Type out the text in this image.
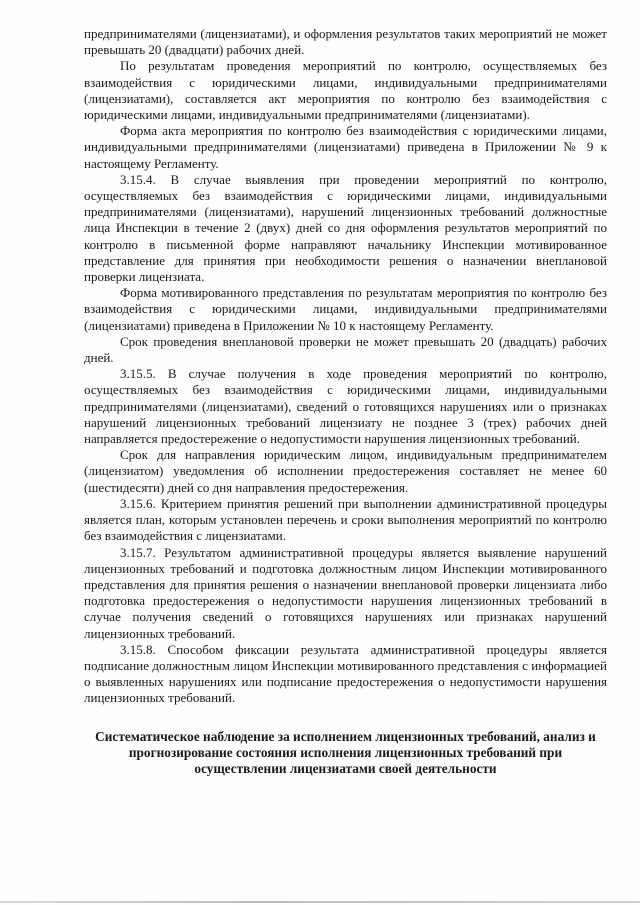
предпринимателями (лицензиатами), и оформления результатов таких мероприятий не может превышать 20 (двадцати) рабочих дней.

По результатам проведения мероприятий по контролю, осуществляемых без взаимодействия с юридическими лицами, индивидуальными предпринимателями (лицензиатами), составляется акт мероприятия по контролю без взаимодействия с юридическими лицами, индивидуальными предпринимателями (лицензиатами).

Форма акта мероприятия по контролю без взаимодействия с юридическими лицами, индивидуальными предпринимателями (лицензиатами) приведена в Приложении № 9 к настоящему Регламенту.

3.15.4. В случае выявления при проведении мероприятий по контролю, осуществляемых без взаимодействия с юридическими лицами, индивидуальными предпринимателями (лицензиатами), нарушений лицензионных требований должностные лица Инспекции в течение 2 (двух) дней со дня оформления результатов мероприятий по контролю в письменной форме направляют начальнику Инспекции мотивированное представление для принятия при необходимости решения о назначении внеплановой проверки лицензиата.

Форма мотивированного представления по результатам мероприятия по контролю без взаимодействия с юридическими лицами, индивидуальными предпринимателями (лицензиатами) приведена в Приложении № 10 к настоящему Регламенту.

Срок проведения внеплановой проверки не может превышать 20 (двадцать) рабочих дней.

3.15.5. В случае получения в ходе проведения мероприятий по контролю, осуществляемых без взаимодействия с юридическими лицами, индивидуальными предпринимателями (лицензиатами), сведений о готовящихся нарушениях или о признаках нарушений лицензионных требований лицензиату не позднее 3 (трех) рабочих дней направляется предостережение о недопустимости нарушения лицензионных требований.

Срок для направления юридическим лицом, индивидуальным предпринимателем (лицензиатом) уведомления об исполнении предостережения составляет не менее 60 (шестидесяти) дней со дня направления предостережения.

3.15.6. Критерием принятия решений при выполнении административной процедуры является план, которым установлен перечень и сроки выполнения мероприятий по контролю без взаимодействия с лицензиатами.

3.15.7. Результатом административной процедуры является выявление нарушений лицензионных требований и подготовка должностным лицом Инспекции мотивированного представления для принятия решения о назначении внеплановой проверки лицензиата либо подготовка предостережения о недопустимости нарушения лицензионных требований в случае получения сведений о готовящихся нарушениях или признаках нарушений лицензионных требований.

3.15.8. Способом фиксации результата административной процедуры является подписание должностным лицом Инспекции мотивированного представления с информацией о выявленных нарушениях или подписание предостережения о недопустимости нарушения лицензионных требований.

Систематическое наблюдение за исполнением лицензионных требований, анализ и прогнозирование состояния исполнения лицензионных требований при осуществлении лицензиатами своей деятельности
